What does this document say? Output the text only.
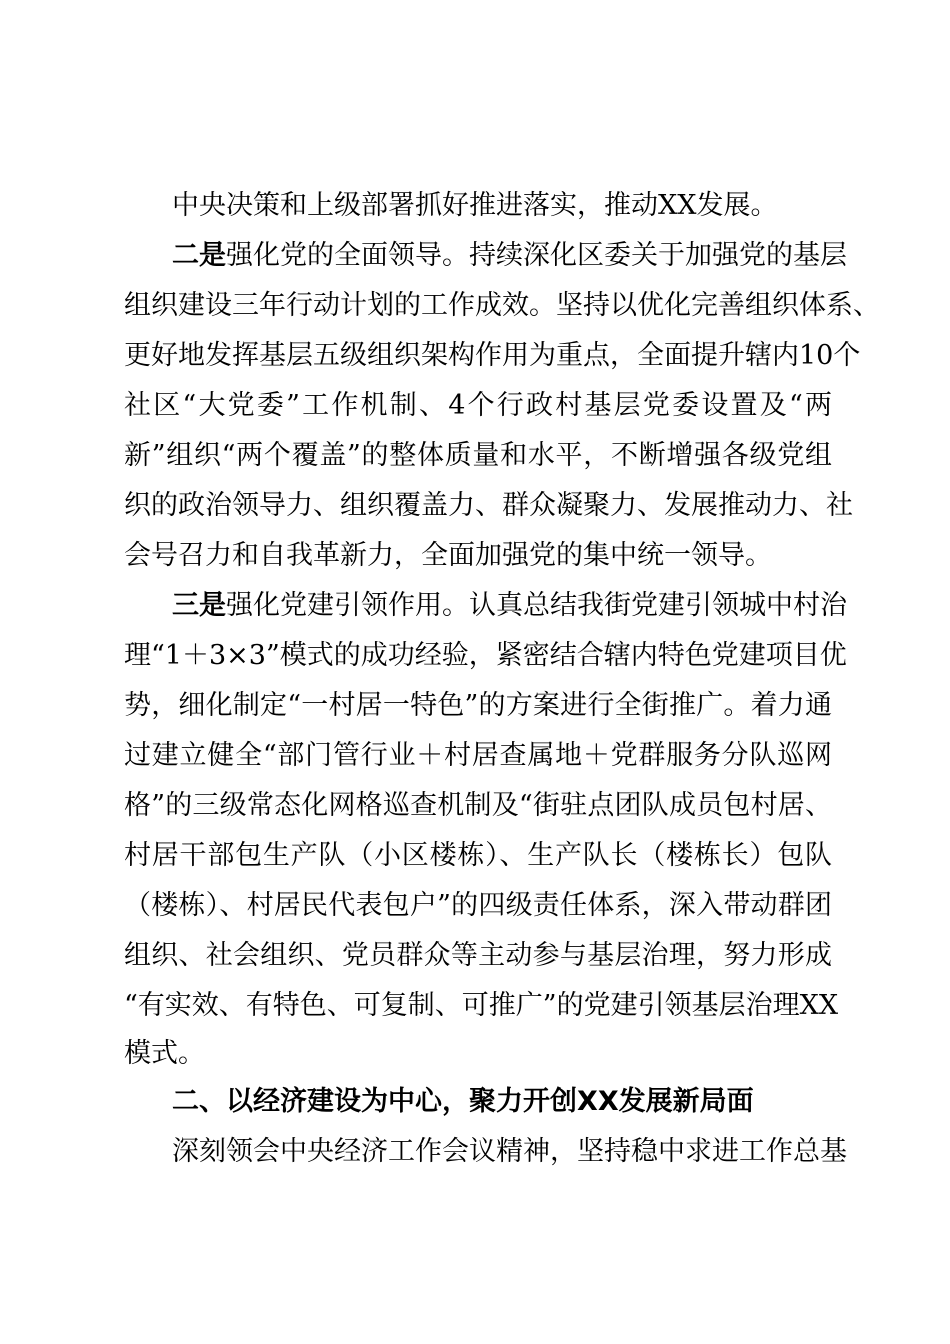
中央决策和上级部署抓好推进落实，推动XX发展。
二是强化党的全面领导。持续深化区委关于加强党的基层
组织建设三年行动计划的工作成效。坚持以优化完善组织体系、
更好地发挥基层五级组织架构作用为重点，全面提升辖内10个
社区“大党委”工作机制、4个行政村基层党委设置及“两
新”组织“两个覆盖”的整体质量和水平，不断增强各级党组
织的政治领导力、组织覆盖力、群众凝聚力、发展推动力、社
会号召力和自我革新力，全面加强党的集中统一领导。
三是强化党建引领作用。认真总结我街党建引领城中村治
理“1＋3×3”模式的成功经验，紧密结合辖内特色党建项目优
势，细化制定“一村居一特色”的方案进行全街推广。着力通
过建立健全“部门管行业＋村居查属地＋党群服务分队巡网
格”的三级常态化网格巡查机制及“街驻点团队成员包村居、
村居干部包生产队（小区楼栋）、生产队长（楼栋长）包队
（楼栋）、村居民代表包户”的四级责任体系，深入带动群团
组织、社会组织、党员群众等主动参与基层治理，努力形成
“有实效、有特色、可复制、可推广”的党建引领基层治理XX
模式。
二、以经济建设为中心，聚力开创XX发展新局面
深刻领会中央经济工作会议精神，坚持稳中求进工作总基
